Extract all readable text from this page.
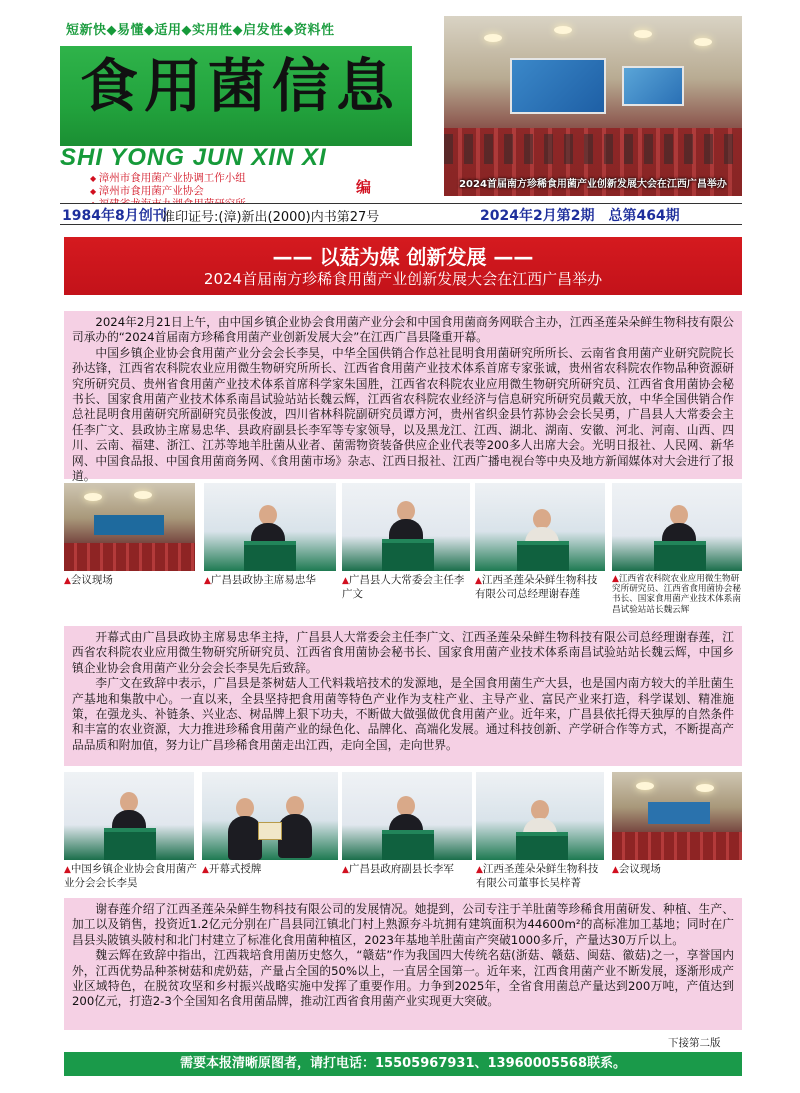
短新快◆易懂◆适用◆实用性◆启发性◆资料性
食用菌信息
SHI YONG JUN XIN XI
◆ 漳州市食用菌产业协调工作小组
◆ 漳州市食用菌产业协会
◆	编	2024首届南方珍稀食用菌产业创新发展大会在江西广昌举办
1984年8月创刊
准印证号:(漳)新出(2000)内书第27号	2024年2月第2期　总第464期
—— 以菇为媒 创新发展 ——
2024首届南方珍稀食用菌产业创新发展大会在江西广昌举办

2024年2月21日上午，由中国乡镇企业协会食用菌产业分会和中国食用菌商务网联合主办，江西圣莲朵朵鲜生物科技有限公司承办的“2024首届南方珍稀食用菌产业创新发展大会”在江西广昌县隆重开幕。

中国乡镇企业协会食用菌产业分会会长李昊，中华全国供销合作总社昆明食用菌研究所所长、云南省食用菌产业研究院院长孙达锋，江西省农科院农业应用微生物研究所所长、江西省食用菌产业技术体系首席专家张诚，贵州省农科院农作物品种资源研究所研究员、贵州省食用菌产业技术体系首席科学家朱国胜，江西省农科院农业应用微生物研究所研究员、江西省食用菌协会秘书长、国家食用菌产业技术体系南昌试验站站长魏云辉，江西省农科院农业经济与信息研究所研究员戴天放，中华全国供销合作总社昆明食用菌研究所副研究员张俊波，四川省林科院副研究员谭方河，贵州省织金县竹荪协会会长吴勇，广昌县人大常委会主任李广文、县政协主席易忠华、县政府副县长李军等专家领导，以及黑龙江、江西、湖北、湖南、安徽、河北、河南、山西、四川、云南、福建、浙江、江苏等地羊肚菌从业者、菌需物资装备供应企业代表等200多人出席大会。光明日报社、人民网、新华网、中国食品报、中国食用菌商务网、《食用菌市场》杂志、江西日报社、江西广播电视台等中央及地方新闻媒体对大会进行了报道。

▲会议现场	▲广昌县政协主席易忠华	▲广昌县人大常委会主任李广文
▲江西圣莲朵朵鲜生物科技有限公司总经理谢春莲
▲江西省农科院农业应用微生物研究所研究员、江西省食用菌协会秘书长、国家食用菌产业技术体系南昌试验站站长魏云辉

开幕式由广昌县政协主席易忠华主持，广昌县人大常委会主任李广文、江西圣莲朵朵鲜生物科技有限公司总经理谢春莲，江西省农科院农业应用微生物研究所研究员、江西省食用菌协会秘书长、国家食用菌产业技术体系南昌试验站站长魏云辉，中国乡镇企业协会食用菌产业分会会长李昊先后致辞。

李广文在致辞中表示，广昌县是茶树菇人工代料栽培技术的发源地，是全国食用菌生产大县，也是国内南方较大的羊肚菌生产基地和集散中心。一直以来，全县坚持把食用菌等特色产业作为支柱产业、主导产业、富民产业来打造，科学谋划、精准施策，在强龙头、补链条、兴业态、树品牌上狠下功夫，不断做大做强做优食用菌产业。近年来，广昌县依托得天独厚的自然条件和丰富的农业资源，大力推进珍稀食用菌产业的绿色化、品牌化、高端化发展。通过科技创新、产学研合作等方式，不断提高产品品质和附加值，努力让广昌珍稀食用菌走出江西，走向全国，走向世界。

▲中国乡镇企业协会食用菌产业分会会长李昊
▲开幕式授牌	▲广昌县政府副县长李军	▲江西圣莲朵朵鲜生物科技有限公司董事长吴梓菁
▲会议现场

谢春莲介绍了江西圣莲朵朵鲜生物科技有限公司的发展情况。她提到，公司专注于羊肚菌等珍稀食用菌研发、种植、生产、加工以及销售，投资近1.2亿元分别在广昌县同江镇北门村上熟源夯斗坑拥有建筑面积为44600m²的高标准加工基地；同时在广昌县头陂镇头陂村和北门村建立了标准化食用菌种植区，2023年基地羊肚菌亩产突破1000多斤，产量达30万斤以上。

魏云辉在致辞中指出，江西栽培食用菌历史悠久，“赣菇”作为我国四大传统名菇(浙菇、赣菇、闽菇、徽菇)之一，享誉国内外，江西优势品种茶树菇和虎奶菇，产量占全国的50%以上，一直居全国第一。近年来，江西食用菌产业不断发展，逐渐形成产业区域特色，在脱贫攻坚和乡村振兴战略实施中发挥了重要作用。力争到2025年，全省食用菌总产量达到200万吨，产值达到200亿元，打造2-3个全国知名食用菌品牌，推动江西省食用菌产业实现更大突破。

下接第二版
需要本报清晰原图者，请打电话：15505967931、13960005568联系。
